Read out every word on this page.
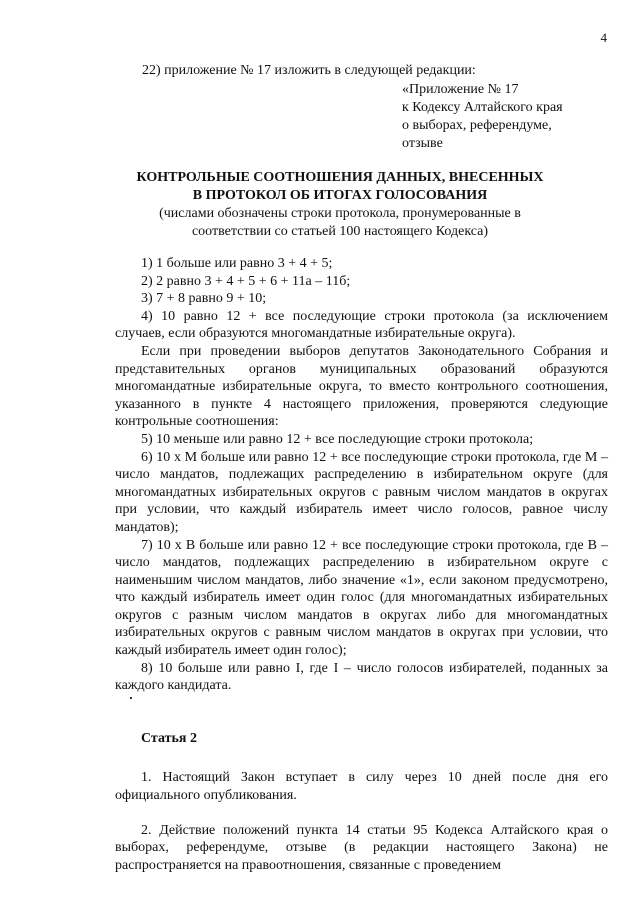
4
22) приложение № 17 изложить в следующей редакции:
«Приложение № 17
к Кодексу Алтайского края
о выборах, референдуме,
отзыве
КОНТРОЛЬНЫЕ СООТНОШЕНИЯ ДАННЫХ, ВНЕСЕННЫХ
В ПРОТОКОЛ ОБ ИТОГАХ ГОЛОСОВАНИЯ
(числами обозначены строки протокола, пронумерованные в
соответствии со статьей 100 настоящего Кодекса)

1) 1 больше или равно 3 + 4 + 5;

2) 2 равно 3 + 4 + 5 + 6 + 11а – 11б;

3) 7 + 8 равно 9 + 10;

4) 10 равно 12 + все последующие строки протокола (за исключением случаев, если образуются многомандатные избирательные округа).

Если при проведении выборов депутатов Законодательного Собрания и представительных органов муниципальных образований образуются многомандатные избирательные округа, то вместо контрольного соотношения, указанного в пункте 4 настоящего приложения, проверяются следующие контрольные соотношения:

5) 10 меньше или равно 12 + все последующие строки протокола;

6) 10 х М больше или равно 12 + все последующие строки протокола, где М – число мандатов, подлежащих распределению в избирательном округе (для многомандатных избирательных округов с равным числом мандатов в округах при условии, что каждый избиратель имеет число голосов, равное числу мандатов);

7) 10 х В больше или равно 12 + все последующие строки протокола, где В – число мандатов, подлежащих распределению в избирательном округе с наименьшим числом мандатов, либо значение «1», если законом предусмотрено, что каждый избиратель имеет один голос (для многомандатных избирательных округов с разным числом мандатов в округах либо для многомандатных избирательных округов с равным числом мандатов в округах при условии, что каждый избиратель имеет один голос);

8) 10 больше или равно I, где I – число голосов избирателей, поданных за каждого кандидата.

Статья 2

1. Настоящий Закон вступает в силу через 10 дней после дня его официального опубликования.

2. Действие положений пункта 14 статьи 95 Кодекса Алтайского края о выборах, референдуме, отзыве (в редакции настоящего Закона) не распространяется на правоотношения, связанные с проведением
